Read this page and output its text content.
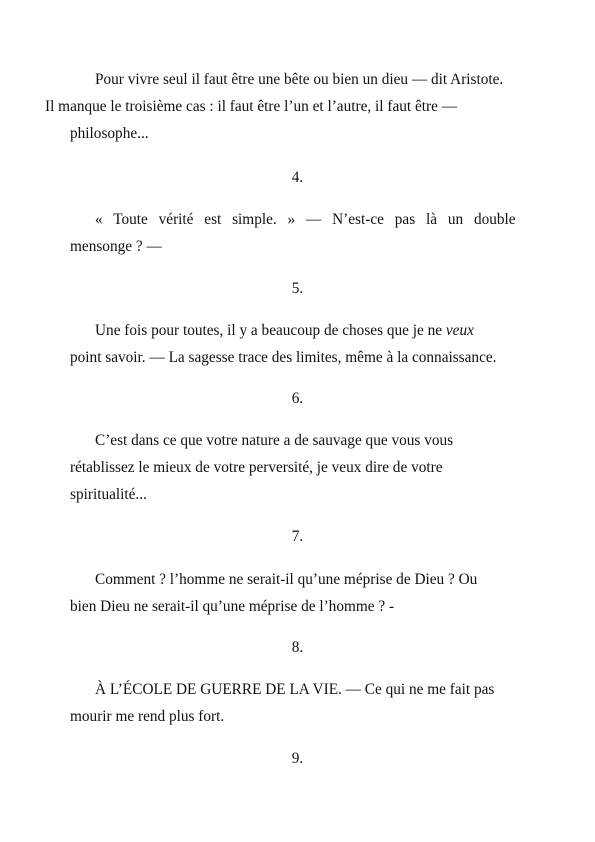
Pour vivre seul il faut être une bête ou bien un dieu — dit Aristote.
Il manque le troisième cas : il faut être l’un et l’autre, il faut être —
philosophe...
4.
« Toute vérité est simple. » — N’est-ce pas là un double
mensonge ? —
5.
Une fois pour toutes, il y a beaucoup de choses que je ne veux
point savoir. — La sagesse trace des limites, même à la connaissance.
6.
C’est dans ce que votre nature a de sauvage que vous vous
rétablissez le mieux de votre perversité, je veux dire de votre
spiritualité...
7.
Comment ? l’homme ne serait-il qu’une méprise de Dieu ? Ou
bien Dieu ne serait-il qu’une méprise de l’homme ? -
8.
À L’ÉCOLE DE GUERRE DE LA VIE. — Ce qui ne me fait pas
mourir me rend plus fort.
9.
